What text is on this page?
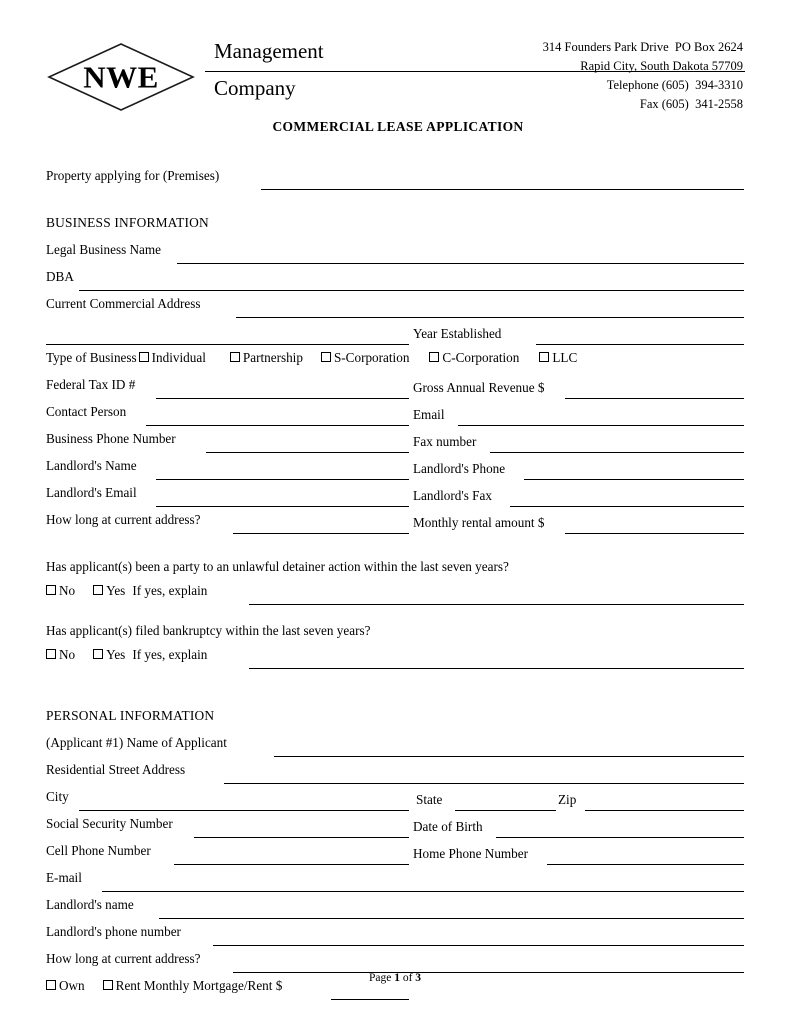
NWE
Management
Company
314 Founders Park Drive  PO Box 2624
Rapid City, South Dakota 57709
Telephone (605)  394-3310
Fax (605)  341-2558
COMMERCIAL LEASE APPLICATION
Property applying for (Premises)
BUSINESS INFORMATION
Legal Business Name
DBA
Current Commercial Address
Year Established
Type of Business Individual	Partnership S-Corporation	C-Corporation	LLC
Federal Tax ID #	Gross Annual Revenue $
Contact Person	Email
Business Phone Number	Fax number
Landlord's Name	Landlord's Phone
Landlord's Email	Landlord's Fax
How long at current address?	Monthly rental amount $
Has applicant(s) been a party to an unlawful detainer action within the last seven years?
No Yes If yes, explain
Has applicant(s) filed bankruptcy within the last seven years?
No Yes If yes, explain
PERSONAL INFORMATION
(Applicant #1) Name of Applicant
Residential Street Address
City	State	Zip
Social Security Number	Date of Birth
Cell Phone Number	Home Phone Number
E-mail
Landlord's name
Landlord's phone number
How long at current address?
Own Rent Monthly Mortgage/Rent $	Page 1 of 3
